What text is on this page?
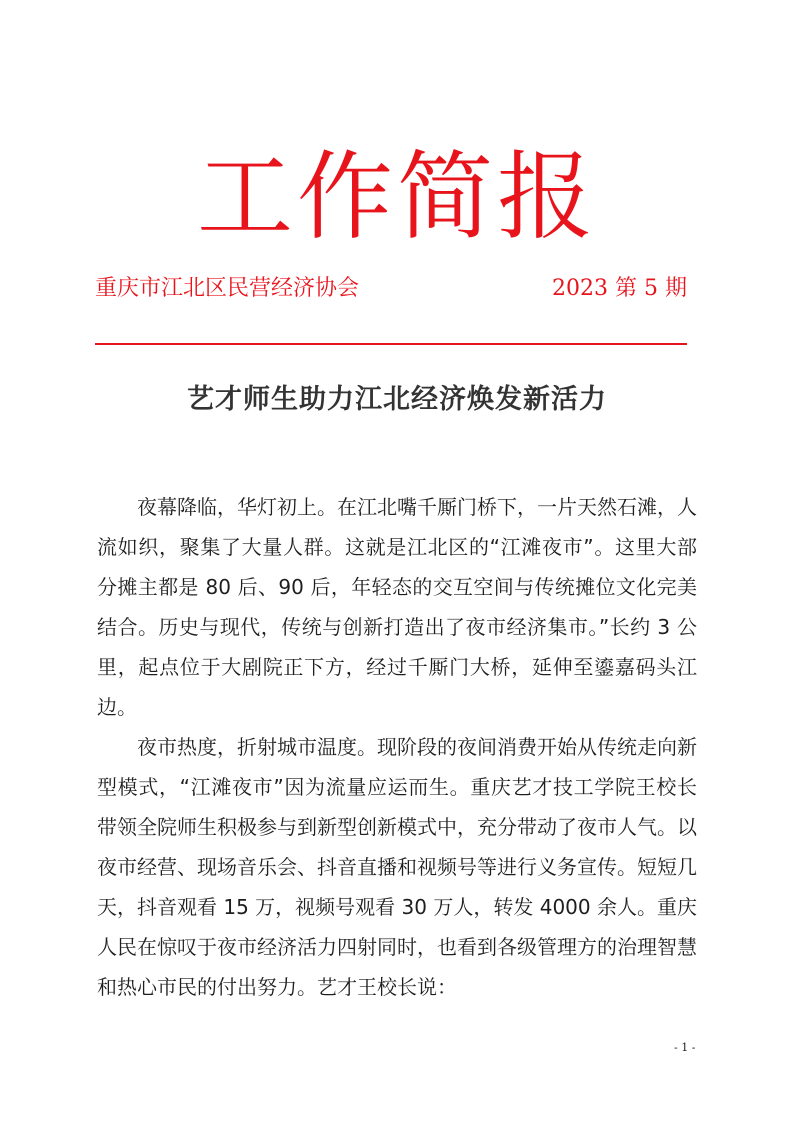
工作简报
重庆市江北区民营经济协会	2023 第 5 期
艺才师生助力江北经济焕发新活力

夜幕降临，华灯初上。在江北嘴千厮门桥下，一片天然石滩，人流如织，聚集了大量人群。这就是江北区的“江滩夜市”。这里大部分摊主都是 80 后、90 后，年轻态的交互空间与传统摊位文化完美结合。历史与现代，传统与创新打造出了夜市经济集市。”长约 3 公里，起点位于大剧院正下方，经过千厮门大桥，延伸至鎏嘉码头江边。

夜市热度，折射城市温度。现阶段的夜间消费开始从传统走向新型模式，“江滩夜市”因为流量应运而生。重庆艺才技工学院王校长带领全院师生积极参与到新型创新模式中，充分带动了夜市人气。以夜市经营、现场音乐会、抖音直播和视频号等进行义务宣传。短短几天，抖音观看 15 万，视频号观看 30 万人，转发 4000 余人。重庆人民在惊叹于夜市经济活力四射同时，也看到各级管理方的治理智慧和热心市民的付出努力。艺才王校长说：

- 1 -
